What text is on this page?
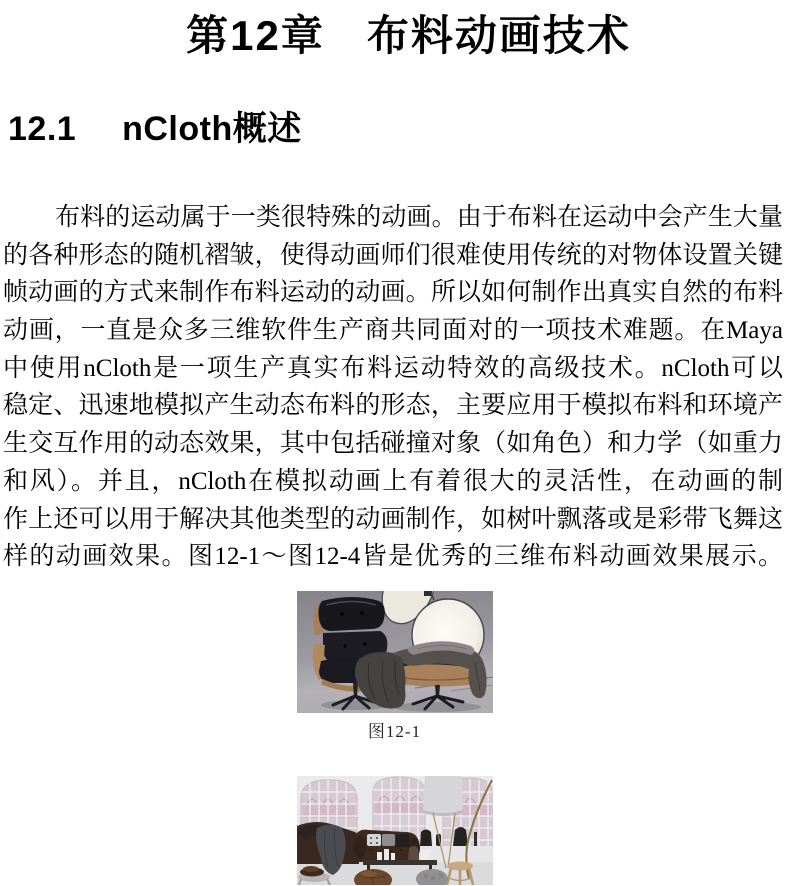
第12章 布料动画技术
12.1 nCloth概述
布料的运动属于一类很特殊的动画。由于布料在运动中会产生大量
的各种形态的随机褶皱，使得动画师们很难使用传统的对物体设置关键
帧动画的方式来制作布料运动的动画。所以如何制作出真实自然的布料
动画，一直是众多三维软件生产商共同面对的一项技术难题。在Maya
中使用nCloth是一项生产真实布料运动特效的高级技术。nCloth可以
稳定、迅速地模拟产生动态布料的形态，主要应用于模拟布料和环境产
生交互作用的动态效果，其中包括碰撞对象（如角色）和力学（如重力
和风）。并且，nCloth在模拟动画上有着很大的灵活性，在动画的制
作上还可以用于解决其他类型的动画制作，如树叶飘落或是彩带飞舞这
样的动画效果。图12-1～图12-4皆是优秀的三维布料动画效果展示。
图12-1
